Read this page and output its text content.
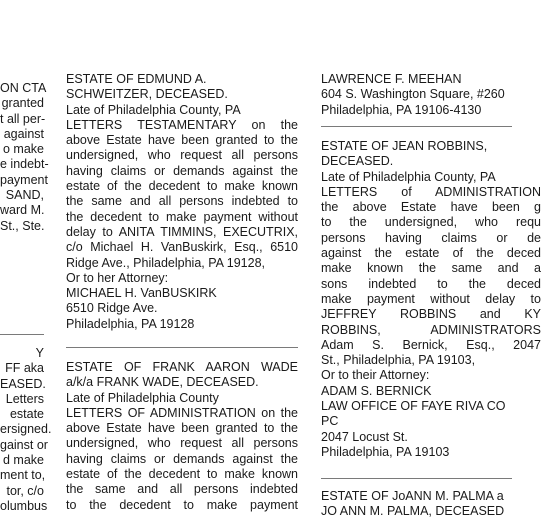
ON CTA
granted
t all per-
against
o make
e indebt-
payment
SAND,
ward M.
St., Ste.
Y
FF aka
EASED.
Letters
estate
ersigned.
gainst or
d make
ment to,
tor, c/o
olumbus
ESTATE OF EDMUND A.
SCHWEITZER, DECEASED.
Late of Philadelphia County, PA
LETTERS TESTAMENTARY on the
above Estate have been granted to the
undersigned, who request all persons
having claims or demands against the
estate of the decedent to make known
the same and all persons indebted to
the decedent to make payment without
delay to ANITA TIMMINS, EXECUTRIX,
c/o Michael H. VanBuskirk, Esq., 6510
Ridge Ave., Philadelphia, PA 19128,
Or to her Attorney:
MICHAEL H. VanBUSKIRK
6510 Ridge Ave.
Philadelphia, PA 19128
ESTATE OF FRANK AARON WADE
a/k/a FRANK WADE, DECEASED.
Late of Philadelphia County
LETTERS OF ADMINISTRATION on the
above Estate have been granted to the
undersigned, who request all persons
having claims or demands against the
estate of the decedent to make known
the same and all persons indebted
to the decedent to make payment
LAWRENCE F. MEEHAN
604 S. Washington Square, #260
Philadelphia, PA 19106-4130
ESTATE OF JEAN ROBBINS,
DECEASED.
Late of Philadelphia County, PA
LETTERS of ADMINISTRATION
the above Estate have been g
to the undersigned, who requ
persons having claims or de
against the estate of the deced
make known the same and a
sons indebted to the deced
make payment without delay to
JEFFREY ROBBINS and KY
ROBBINS, ADMINISTRATORS
Adam S. Bernick, Esq., 2047
St., Philadelphia, PA 19103,
Or to their Attorney:
ADAM S. BERNICK
LAW OFFICE OF FAYE RIVA CO
PC
2047 Locust St.
Philadelphia, PA 19103
ESTATE OF JoANN M. PALMA a
JO ANN M. PALMA, DECEASED
